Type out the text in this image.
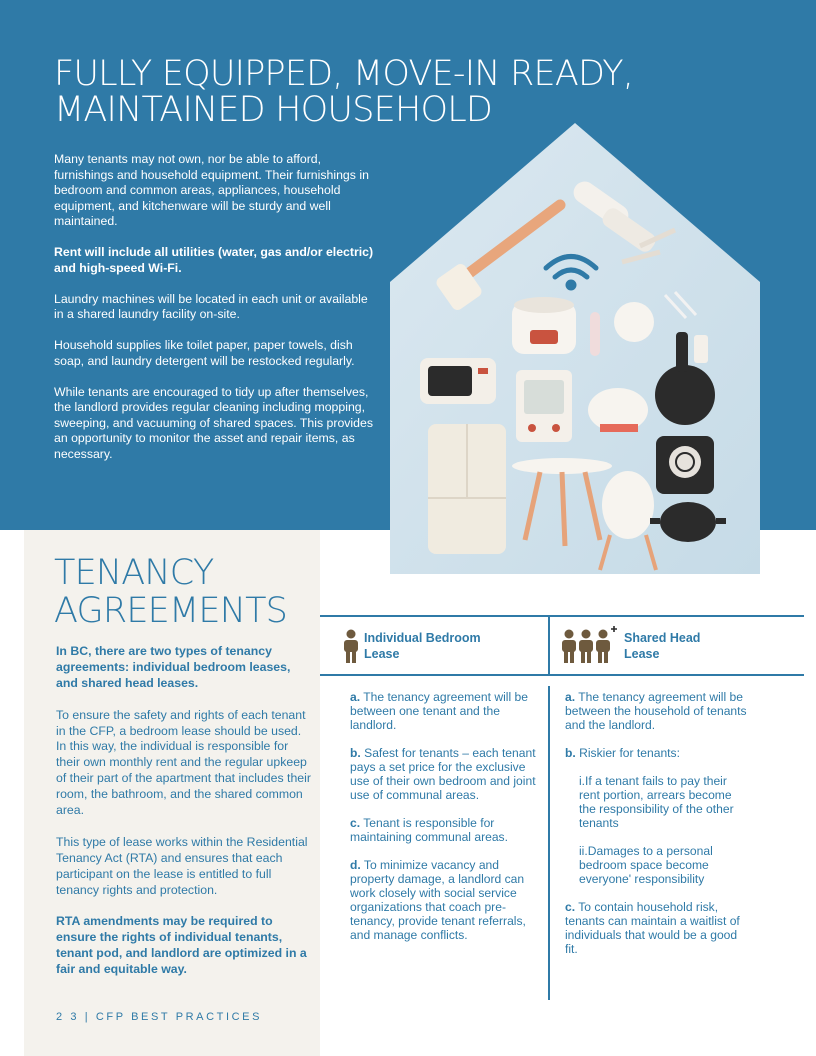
FULLY EQUIPPED, MOVE-IN READY,
MAINTAINED HOUSEHOLD

Many tenants may not own, nor be able to afford, furnishings and household equipment. Their furnishings in bedroom and common areas, appliances, household equipment, and kitchenware will be sturdy and well maintained.

Rent will include all utilities (water, gas and/or electric) and high-speed Wi-Fi.

Laundry machines will be located in each unit or available in a shared laundry facility on-site.

Household supplies like toilet paper, paper towels, dish soap, and laundry detergent will be restocked regularly.

While tenants are encouraged to tidy up after themselves, the landlord provides regular cleaning including mopping, sweeping, and vacuuming of shared spaces. This provides an opportunity to monitor the asset and repair items, as necessary.

TENANCY
AGREEMENTS

In BC, there are two types of tenancy agreements: individual bedroom leases, and shared head leases.

To ensure the safety and rights of each tenant in the CFP, a bedroom lease should be used. In this way, the individual is responsible for their own monthly rent and the regular upkeep of their part of the apartment that includes their room, the bathroom, and the shared common area.

This type of lease works within the Residential Tenancy Act (RTA) and ensures that each participant on the lease is entitled to full tenancy rights and protection.

RTA amendments may be required to ensure the rights of individual tenants, tenant pod, and landlord are optimized in a fair and equitable way.

Individual Bedroom
Lease
Shared Head
Lease

a. The tenancy agreement will be between one tenant and the landlord.

b. Safest for tenants – each tenant pays a set price for the exclusive use of their own bedroom and joint use of communal areas.

c. Tenant is responsible for maintaining communal areas.

d. To minimize vacancy and property damage, a landlord can work closely with social service organizations that coach pre-tenancy, provide tenant referrals, and manage conflicts.

a. The tenancy agreement will be between the household of tenants and the landlord.

b. Riskier for tenants:

i.If a tenant fails to pay their rent portion, arrears become the responsibility of the other tenants

ii.Damages to a personal bedroom space become everyone' responsibility

c. To contain household risk, tenants can maintain a waitlist of individuals that would be a good fit.

2 3 | CFP BEST PRACTICES
